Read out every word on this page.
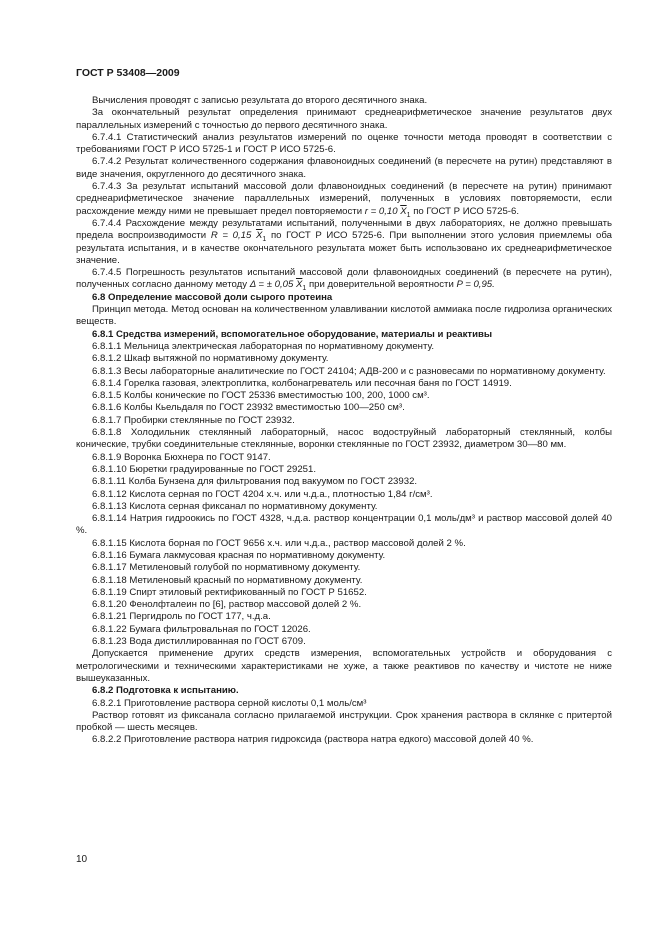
ГОСТ Р 53408—2009

Вычисления проводят с записью результата до второго десятичного знака.

За окончательный результат определения принимают среднеарифметическое значение результатов двух параллельных измерений с точностью до первого десятичного знака.

6.7.4.1 Статистический анализ результатов измерений по оценке точности метода проводят в соответствии с требованиями ГОСТ Р ИСО 5725-1 и ГОСТ Р ИСО 5725-6.

6.7.4.2 Результат количественного содержания флавоноидных соединений (в пересчете на рутин) представляют в виде значения, округленного до десятичного знака.

6.7.4.3 За результат испытаний массовой доли флавоноидных соединений (в пересчете на рутин) принимают среднеарифметическое значение параллельных измерений, полученных в условиях повторяемости, если расхождение между ними не превышает предел повторяемости r = 0,10 $\overline{X}_1$ по ГОСТ Р ИСО 5725-6.

6.7.4.4 Расхождение между результатами испытаний, полученными в двух лабораториях, не должно превышать предела воспроизводимости R = 0,15 $\overline{X}_1$ по ГОСТ Р ИСО 5725-6. При выполнении этого условия приемлемы оба результата испытания, и в качестве окончательного результата может быть использовано их среднеарифметическое значение.

6.7.4.5 Погрешность результатов испытаний массовой доли флавоноидных соединений (в пересчете на рутин), полученных согласно данному методу Δ = ± 0,05 $\overline{X}_1$ при доверительной вероятности P = 0,95.

6.8 Определение массовой доли сырого протеина

Принцип метода. Метод основан на количественном улавливании кислотой аммиака после гидролиза органических веществ.

6.8.1 Средства измерений, вспомогательное оборудование, материалы и реактивы

6.8.1.1 Мельница электрическая лабораторная по нормативному документу.

6.8.1.2 Шкаф вытяжной по нормативному документу.

6.8.1.3 Весы лабораторные аналитические по ГОСТ 24104; АДВ-200 и с разновесами по нормативному документу.

6.8.1.4 Горелка газовая, электроплитка, колбонагреватель или песочная баня по ГОСТ 14919.

6.8.1.5 Колбы конические по ГОСТ 25336 вместимостью 100, 200, 1000 см³.

6.8.1.6 Колбы Кьельдаля по ГОСТ 23932 вместимостью 100—250 см³.

6.8.1.7 Пробирки стеклянные по ГОСТ 23932.

6.8.1.8 Холодильник стеклянный лабораторный, насос водоструйный лабораторный стеклянный, колбы конические, трубки соединительные стеклянные, воронки стеклянные по ГОСТ 23932, диаметром 30—80 мм.

6.8.1.9 Воронка Бюхнера по ГОСТ 9147.

6.8.1.10 Бюретки градуированные по ГОСТ 29251.

6.8.1.11 Колба Бунзена для фильтрования под вакуумом по ГОСТ 23932.

6.8.1.12 Кислота серная по ГОСТ 4204 х.ч. или ч.д.а., плотностью 1,84 г/см³.

6.8.1.13 Кислота серная фиксанал по нормативному документу.

6.8.1.14 Натрия гидроокись по ГОСТ 4328, ч.д.а. раствор концентрации 0,1 моль/дм³ и раствор массовой долей 40 %.

6.8.1.15 Кислота борная по ГОСТ 9656 х.ч. или ч.д.а., раствор массовой долей 2 %.

6.8.1.16 Бумага лакмусовая красная по нормативному документу.

6.8.1.17 Метиленовый голубой по нормативному документу.

6.8.1.18 Метиленовый красный по нормативному документу.

6.8.1.19 Спирт этиловый ректификованный по ГОСТ Р 51652.

6.8.1.20 Фенолфталеин по [6], раствор массовой долей 2 %.

6.8.1.21 Пергидроль по ГОСТ 177, ч.д.а.

6.8.1.22 Бумага фильтровальная по ГОСТ 12026.

6.8.1.23 Вода дистиллированная по ГОСТ 6709.

Допускается применение других средств измерения, вспомогательных устройств и оборудования с метрологическими и техническими характеристиками не хуже, а также реактивов по качеству и чистоте не ниже вышеуказанных.

6.8.2 Подготовка к испытанию.

6.8.2.1 Приготовление раствора серной кислоты 0,1 моль/см³

Раствор готовят из фиксанала согласно прилагаемой инструкции. Срок хранения раствора в склянке с притертой пробкой — шесть месяцев.

6.8.2.2 Приготовление раствора натрия гидроксида (раствора натра едкого) массовой долей 40 %.

10
